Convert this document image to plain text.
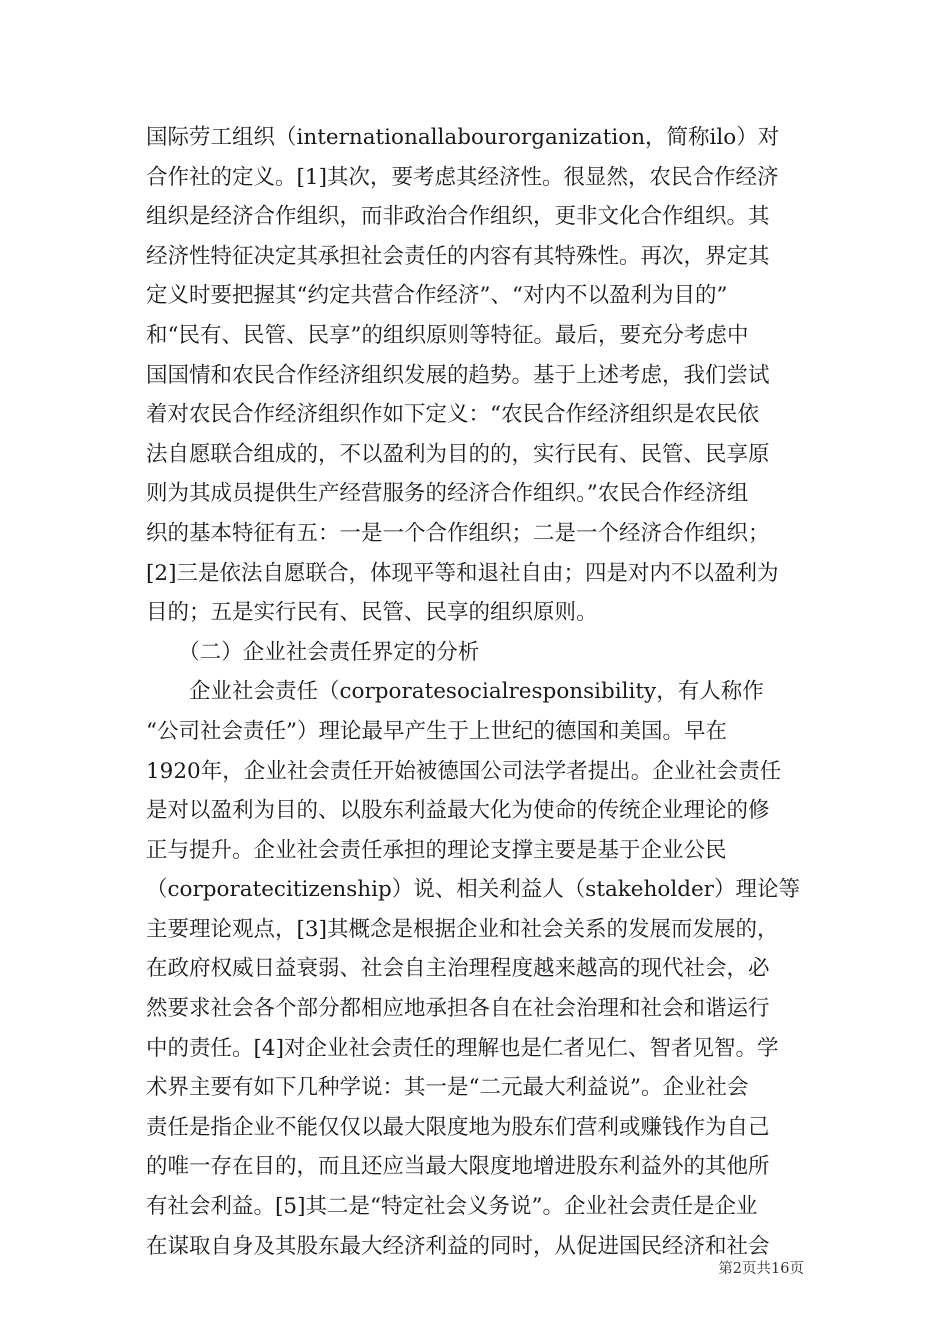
国际劳工组织（internationallabourorganization，简称ilo）对
合作社的定义。[1]其次，要考虑其经济性。很显然，农民合作经济
组织是经济合作组织，而非政治合作组织，更非文化合作组织。其
经济性特征决定其承担社会责任的内容有其特殊性。再次，界定其
定义时要把握其“约定共营合作经济”、“对内不以盈利为目的”
和“民有、民管、民享”的组织原则等特征。最后，要充分考虑中
国国情和农民合作经济组织发展的趋势。基于上述考虑，我们尝试
着对农民合作经济组织作如下定义：“农民合作经济组织是农民依
法自愿联合组成的，不以盈利为目的的，实行民有、民管、民享原
则为其成员提供生产经营服务的经济合作组织。”农民合作经济组
织的基本特征有五：一是一个合作组织；二是一个经济合作组织；
[2]三是依法自愿联合，体现平等和退社自由；四是对内不以盈利为
目的；五是实行民有、民管、民享的组织原则。
　　（二）企业社会责任界定的分析
　　企业社会责任（corporatesocialresponsibility，有人称作
“公司社会责任”）理论最早产生于上世纪的德国和美国。早在
1920年，企业社会责任开始被德国公司法学者提出。企业社会责任
是对以盈利为目的、以股东利益最大化为使命的传统企业理论的修
正与提升。企业社会责任承担的理论支撑主要是基于企业公民
（corporatecitizenship）说、相关利益人（stakeholder）理论等
主要理论观点，[3]其概念是根据企业和社会关系的发展而发展的，
在政府权威日益衰弱、社会自主治理程度越来越高的现代社会，必
然要求社会各个部分都相应地承担各自在社会治理和社会和谐运行
中的责任。[4]对企业社会责任的理解也是仁者见仁、智者见智。学
术界主要有如下几种学说：其一是“二元最大利益说”。企业社会
责任是指企业不能仅仅以最大限度地为股东们营利或赚钱作为自己
的唯一存在目的，而且还应当最大限度地增进股东利益外的其他所
有社会利益。[5]其二是“特定社会义务说”。企业社会责任是企业
在谋取自身及其股东最大经济利益的同时，从促进国民经济和社会
第2页共16页
